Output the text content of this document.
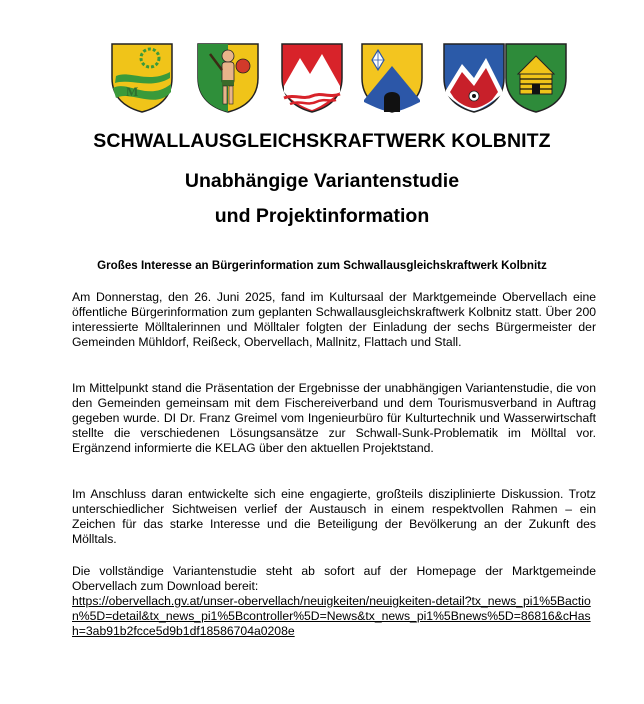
M
SCHWALLAUSGLEICHSKRAFTWERK KOLBNITZ
Unabhängige Variantenstudie
und Projektinformation

Großes Interesse an Bürgerinformation zum Schwallausgleichskraftwerk Kolbnitz

Am Donnerstag, den 26. Juni 2025, fand im Kultursaal der Marktgemeinde Obervellach eine öffentliche Bürgerinformation zum geplanten Schwallausgleichskraftwerk Kolbnitz statt. Über 200 interessierte Mölltalerinnen und Mölltaler folgten der Einladung der sechs Bürgermeister der Gemeinden Mühldorf, Reißeck, Obervellach, Mallnitz, Flattach und Stall.

Im Mittelpunkt stand die Präsentation der Ergebnisse der unabhängigen Variantenstudie, die von den Gemeinden gemeinsam mit dem Fischereiverband und dem Tourismusverband in Auftrag gegeben wurde. DI Dr. Franz Greimel vom Ingenieurbüro für Kulturtechnik und Wasserwirtschaft stellte die verschiedenen Lösungsansätze zur Schwall-Sunk-Problematik im Mölltal vor. Ergänzend informierte die KELAG über den aktuellen Projektstand.

Im Anschluss daran entwickelte sich eine engagierte, großteils disziplinierte Diskussion. Trotz unterschiedlicher Sichtweisen verlief der Austausch in einem respektvollen Rahmen – ein Zeichen für das starke Interesse und die Beteiligung der Bevölkerung an der Zukunft des Mölltals.

Die vollständige Variantenstudie steht ab sofort auf der Homepage der Marktgemeinde Obervellach zum Download bereit:
https://obervellach.gv.at/unser-obervellach/neuigkeiten/neuigkeiten-detail?tx_news_pi1%5Baction%5D=detail&tx_news_pi1%5Bcontroller%5D=News&tx_news_pi1%5Bnews%5D=86816&cHash=3ab91b2fcce5d9b1df18586704a0208e
